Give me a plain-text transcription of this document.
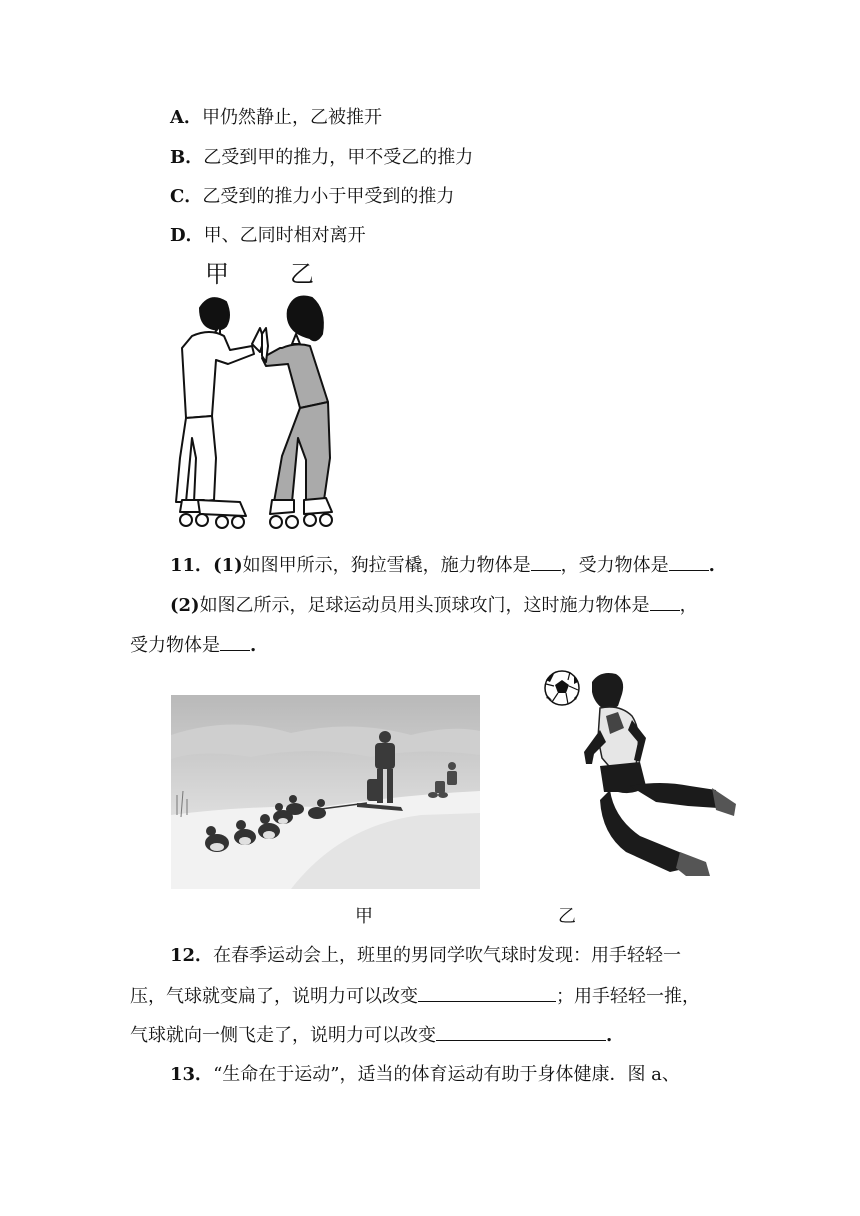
A．甲仍然静止，乙被推开
B．乙受到甲的推力，甲不受乙的推力
C．乙受到的推力小于甲受到的推力
D．甲、乙同时相对离开
甲	乙
11．(1)如图甲所示，狗拉雪橇，施力物体是 ，受力物体是 .
(2)如图乙所示，足球运动员用头顶球攻门，这时施力物体是 ，
受力物体是 .
甲	乙
12．在春季运动会上，班里的男同学吹气球时发现：用手轻轻一
压，气球就变扁了，说明力可以改变	；用手轻轻一推，
气球就向一侧飞走了，说明力可以改变	.
13．“生命在于运动”，适当的体育运动有助于身体健康．图 a、
